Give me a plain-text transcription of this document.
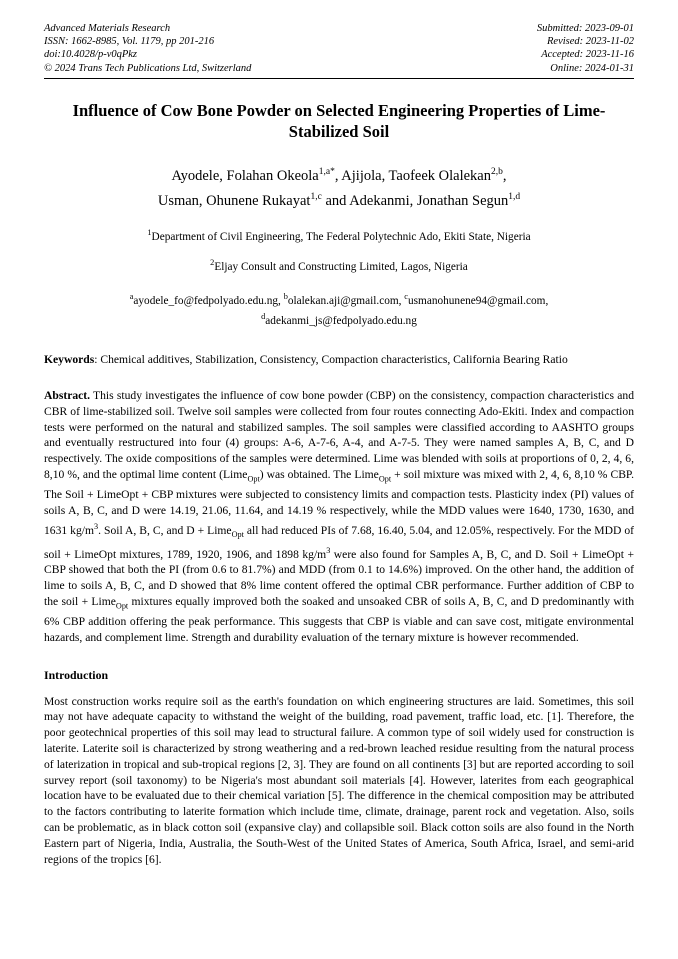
Advanced Materials Research
ISSN: 1662-8985, Vol. 1179, pp 201-216
doi:10.4028/p-v0qPkz
© 2024 Trans Tech Publications Ltd, Switzerland
Submitted: 2023-09-01
Revised: 2023-11-02
Accepted: 2023-11-16
Online: 2024-01-31
Influence of Cow Bone Powder on Selected Engineering Properties of Lime-Stabilized Soil
Ayodele, Folahan Okeola$^{1,a*}$, Ajijola, Taofeek Olalekan$^{2,b}$,
Usman, Ohunene Rukayat$^{1,c}$ and Adekanmi, Jonathan Segun$^{1,d}$
$^1$Department of Civil Engineering, The Federal Polytechnic Ado, Ekiti State, Nigeria
$^2$Eljay Consult and Constructing Limited, Lagos, Nigeria
$^a$ayodele_fo@fedpolyado.edu.ng, $^b$olalekan.aji@gmail.com, $^c$usmanohunene94@gmail.com,
$^d$adekanmi_js@fedpolyado.edu.ng
Keywords: Chemical additives, Stabilization, Consistency, Compaction characteristics, California Bearing Ratio
Abstract. This study investigates the influence of cow bone powder (CBP) on the consistency, compaction characteristics and CBR of lime-stabilized soil. Twelve soil samples were collected from four routes connecting Ado-Ekiti. Index and compaction tests were performed on the natural and stabilized samples. The soil samples were classified according to AASHTO groups and eventually restructured into four (4) groups: A-6, A-7-6, A-4, and A-7-5. They were named samples A, B, C, and D respectively. The oxide compositions of the samples were determined. Lime was blended with soils at proportions of 0, 2, 4, 6, 8,10 %, and the optimal lime content (Lime$_{Opt}$) was obtained. The Lime$_{Opt}$ + soil mixture was mixed with 2, 4, 6, 8,10 % CBP. The Soil + LimeOpt + CBP mixtures were subjected to consistency limits and compaction tests. Plasticity index (PI) values of soils A, B, C, and D were 14.19, 21.06, 11.64, and 14.19 % respectively, while the MDD values were 1640, 1730, 1630, and 1631 $kg/m^3$. Soil A, B, C, and D + Lime$_{Opt}$ all had reduced PIs of 7.68, 16.40, 5.04, and 12.05%, respectively. For the MDD of soil + LimeOpt mixtures, 1789, 1920, 1906, and 1898 $kg/m^3$ were also found for Samples A, B, C, and D. Soil + LimeOpt + CBP showed that both the PI (from 0.6 to 81.7%) and MDD (from 0.1 to 14.6%) improved. On the other hand, the addition of lime to soils A, B, C, and D showed that 8% lime content offered the optimal CBR performance. Further addition of CBP to the soil + Lime$_{Opt}$ mixtures equally improved both the soaked and unsoaked CBR of soils A, B, C, and D predominantly with 6% CBP addition offering the peak performance. This suggests that CBP is viable and can save cost, mitigate environmental hazards, and complement lime. Strength and durability evaluation of the ternary mixture is however recommended.
Introduction
Most construction works require soil as the earth's foundation on which engineering structures are laid. Sometimes, this soil may not have adequate capacity to withstand the weight of the building, road pavement, traffic load, etc. [1]. Therefore, the poor geotechnical properties of this soil may lead to structural failure. A common type of soil widely used for construction is laterite. Laterite soil is characterized by strong weathering and a red-brown leached residue resulting from the natural process of laterization in tropical and sub-tropical regions [2, 3]. They are found on all continents [3] but are reported according to soil survey report (soil taxonomy) to be Nigeria's most abundant soil materials [4]. However, laterites from each geographical location have to be evaluated due to their chemical variation [5]. The difference in the chemical composition may be attributed to the factors contributing to laterite formation which include time, climate, drainage, parent rock and vegetation. Also, soils can be problematic, as in black cotton soil (expansive clay) and collapsible soil. Black cotton soils are also found in the North Eastern part of Nigeria, India, Australia, the South-West of the United States of America, South Africa, Israel, and semi-arid regions of the tropics [6].
